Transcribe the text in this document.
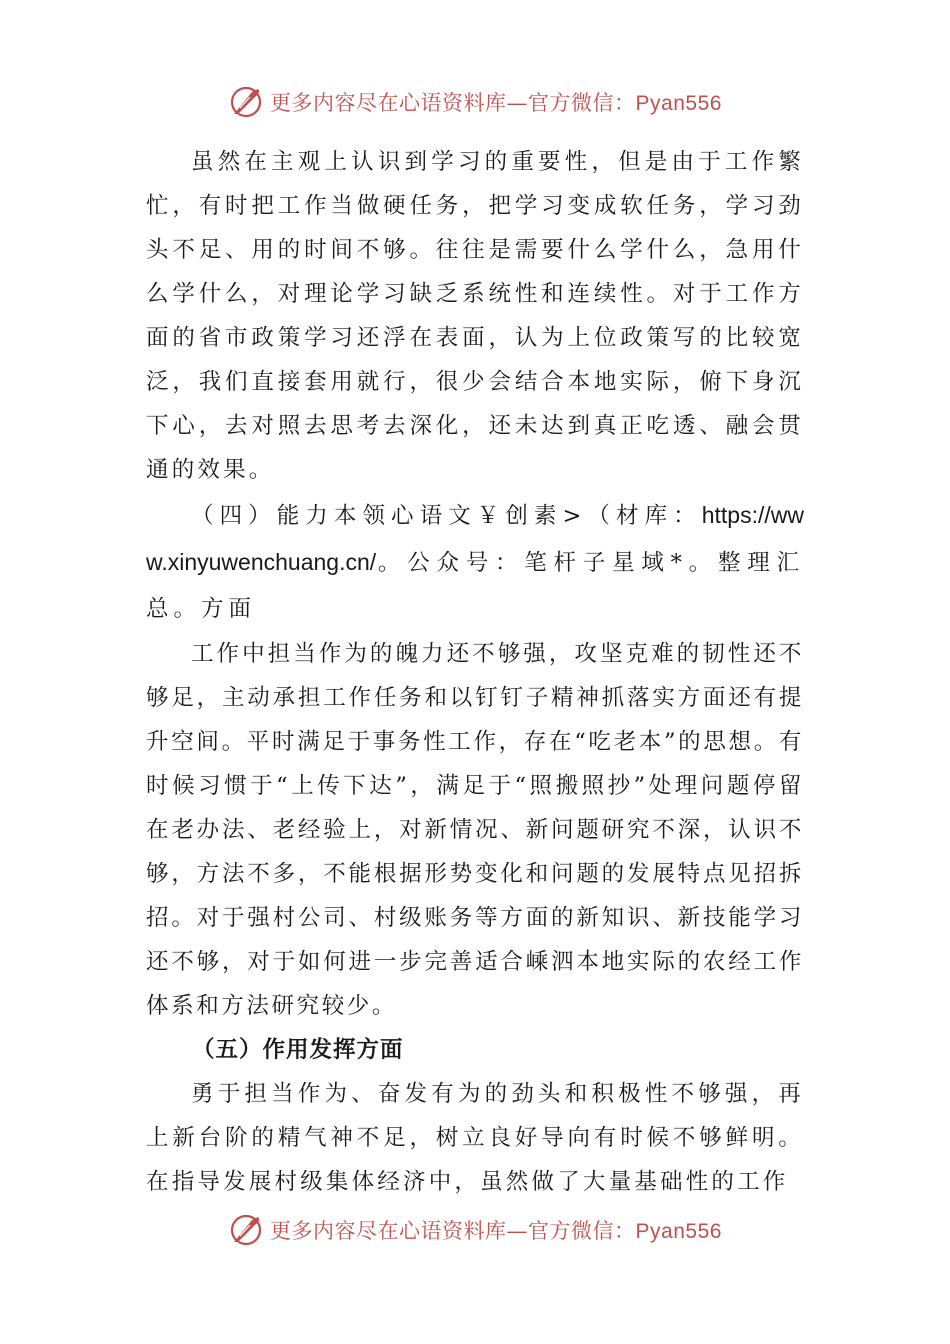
更多内容尽在心语资料库—官方微信：Pyan556

虽然在主观上认识到学习的重要性，但是由于工作繁忙，有时把工作当做硬任务，把学习变成软任务，学习劲头不足、用的时间不够。往往是需要什么学什么，急用什么学什么，对理论学习缺乏系统性和连续性。对于工作方面的省市政策学习还浮在表面，认为上位政策写的比较宽泛，我们直接套用就行，很少会结合本地实际，俯下身沉下心，去对照去思考去深化，还未达到真正吃透、融会贯通的效果。

（四）能力本领心语文￥创素>（材库：https://www.xinyuwenchuang.cn/。公众号：笔杆子星域*。整理汇总。方面

工作中担当作为的魄力还不够强，攻坚克难的韧性还不够足，主动承担工作任务和以钉钉子精神抓落实方面还有提升空间。平时满足于事务性工作，存在“吃老本”的思想。有时候习惯于“上传下达”，满足于“照搬照抄”处理问题停留在老办法、老经验上，对新情况、新问题研究不深，认识不够，方法不多，不能根据形势变化和问题的发展特点见招拆招。对于强村公司、村级账务等方面的新知识、新技能学习还不够，对于如何进一步完善适合嵊泗本地实际的农经工作体系和方法研究较少。

（五）作用发挥方面

勇于担当作为、奋发有为的劲头和积极性不够强，再上新台阶的精气神不足，树立良好导向有时候不够鲜明。在指导发展村级集体经济中，虽然做了大量基础性的工作

更多内容尽在心语资料库—官方微信：Pyan556
